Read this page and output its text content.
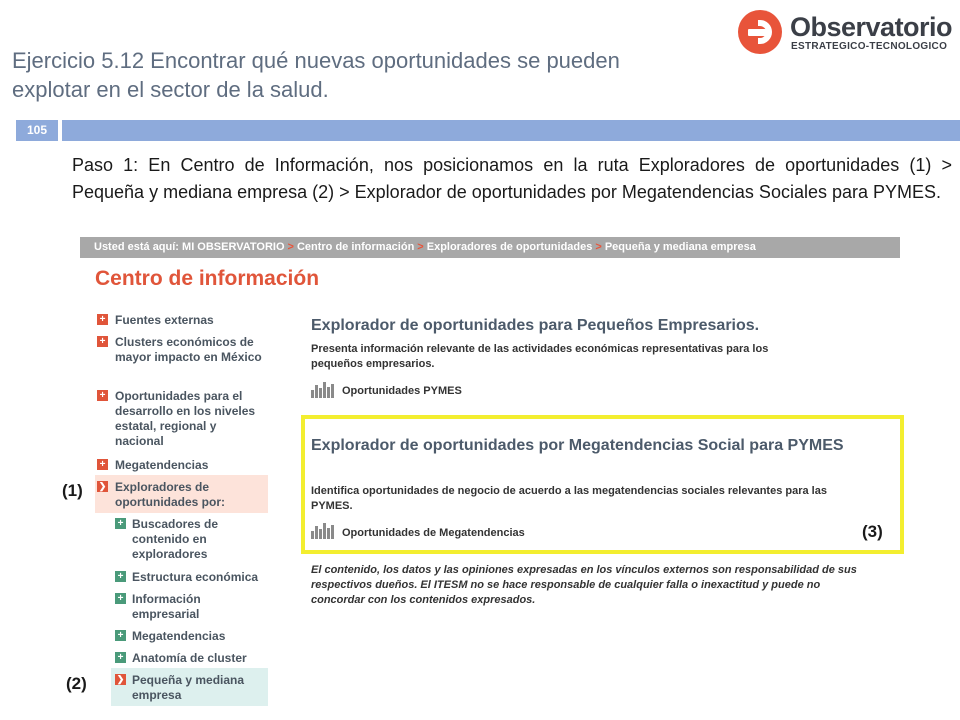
Ejercicio 5.12 Encontrar qué nuevas oportunidades se pueden explotar en el sector de la salud.
Observatorio
ESTRATEGICO-TECNOLOGICO
105
Paso 1: En Centro de Información, nos posicionamos en la ruta Exploradores de oportunidades (1) > Pequeña y mediana empresa (2) > Explorador de oportunidades por Megatendencias Sociales para PYMES.
Usted está aquí: MI OBSERVATORIO > Centro de información > Exploradores de oportunidades > Pequeña y mediana empresa
Centro de información
+ Fuentes externas
+ Clusters económicos de mayor impacto en México
+ Oportunidades para el desarrollo en los niveles estatal, regional y nacional
+ Megatendencias
❯ Exploradores de oportunidades por:
+ Buscadores de contenido en exploradores
+ Estructura económica
+ Información empresarial
+ Megatendencias
+ Anatomía de cluster
❯ Pequeña y mediana empresa
Explorador de oportunidades para Pequeños Empresarios.
Presenta información relevante de las actividades económicas representativas para los pequeños empresarios.
Oportunidades PYMES
Explorador de oportunidades por Megatendencias Social para PYMES
Identifica oportunidades de negocio de acuerdo a las megatendencias sociales relevantes para las PYMES.
Oportunidades de Megatendencias
El contenido, los datos y las opiniones expresadas en los vínculos externos son responsabilidad de sus respectivos dueños. El ITESM no se hace responsable de cualquier falla o inexactitud y puede no concordar con los contenidos expresados.
(1)
(2)
(3)
